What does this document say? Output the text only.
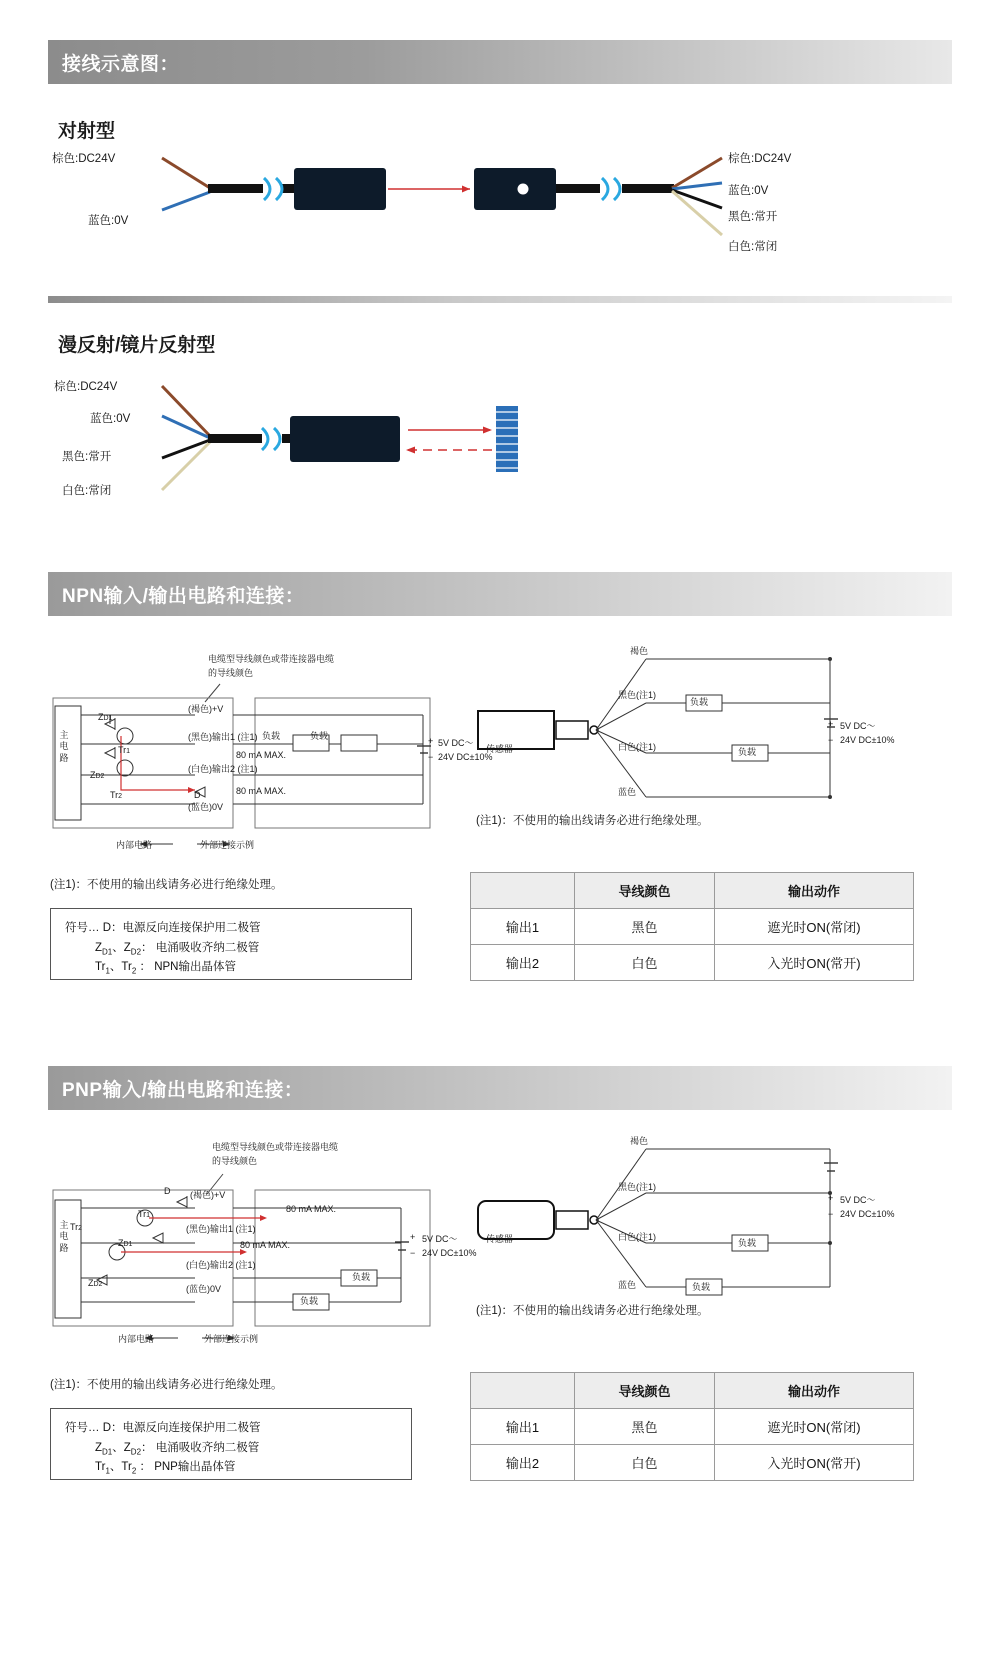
接线示意图：
对射型
棕色:DC24V
蓝色:0V
棕色:DC24V
蓝色:0V
黑色:常开
白色:常闭
漫反射/镜片反射型
棕色:DC24V
蓝色:0V
黑色:常开
白色:常闭
NPN输入/输出电路和连接：
电缆型导线颜色或带连接器电缆
的导线颜色
主
电
路
ZD1
ZD2
Tr1
Tr2	D
(褐色)+V
(黑色)输出1 (注1)
(白色)输出2 (注1)
(蓝色)0V
负载	负载
80 mA MAX.
80 mA MAX.
5V DC～
24V DC±10%
+
−
内部电路	外部连接示例
传感器
褐色
黑色(注1)
白色(注1)
蓝色
负载
负载
+
−
5V DC～
24V DC±10%
(注1)：不使用的输出线请务必进行绝缘处理。
(注1)：不使用的输出线请务必进行绝缘处理。
符号… D：电源反向连接保护用二极管
$Z_{D1}$、$Z_{D2}$： 电涌吸收齐纳二极管
$Tr_1$、$Tr_2$ ： NPN输出晶体管
	导线颜色	输出动作
输出1	黑色	遮光时ON(常闭)
输出2	白色	入光时ON(常开)
PNP输入/输出电路和连接：
电缆型导线颜色或带连接器电缆
的导线颜色
主
电
路
D
Tr1
Tr2
ZD1
ZD2
(褐色)+V
(黑色)输出1 (注1)
(白色)输出2 (注1)
(蓝色)0V
80 mA MAX.
80 mA MAX.
负载
负载
+
−
5V DC～
24V DC±10%
内部电路	外部连接示例
传感器
褐色
黑色(注1)
白色(注1)
蓝色
负载
负载
+
−
5V DC～
24V DC±10%
(注1)：不使用的输出线请务必进行绝缘处理。
(注1)：不使用的输出线请务必进行绝缘处理。
符号… D：电源反向连接保护用二极管
$Z_{D1}$、$Z_{D2}$： 电涌吸收齐纳二极管
$Tr_1$、$Tr_2$ ： PNP输出晶体管
	导线颜色	输出动作
输出1	黑色	遮光时ON(常闭)
输出2	白色	入光时ON(常开)
